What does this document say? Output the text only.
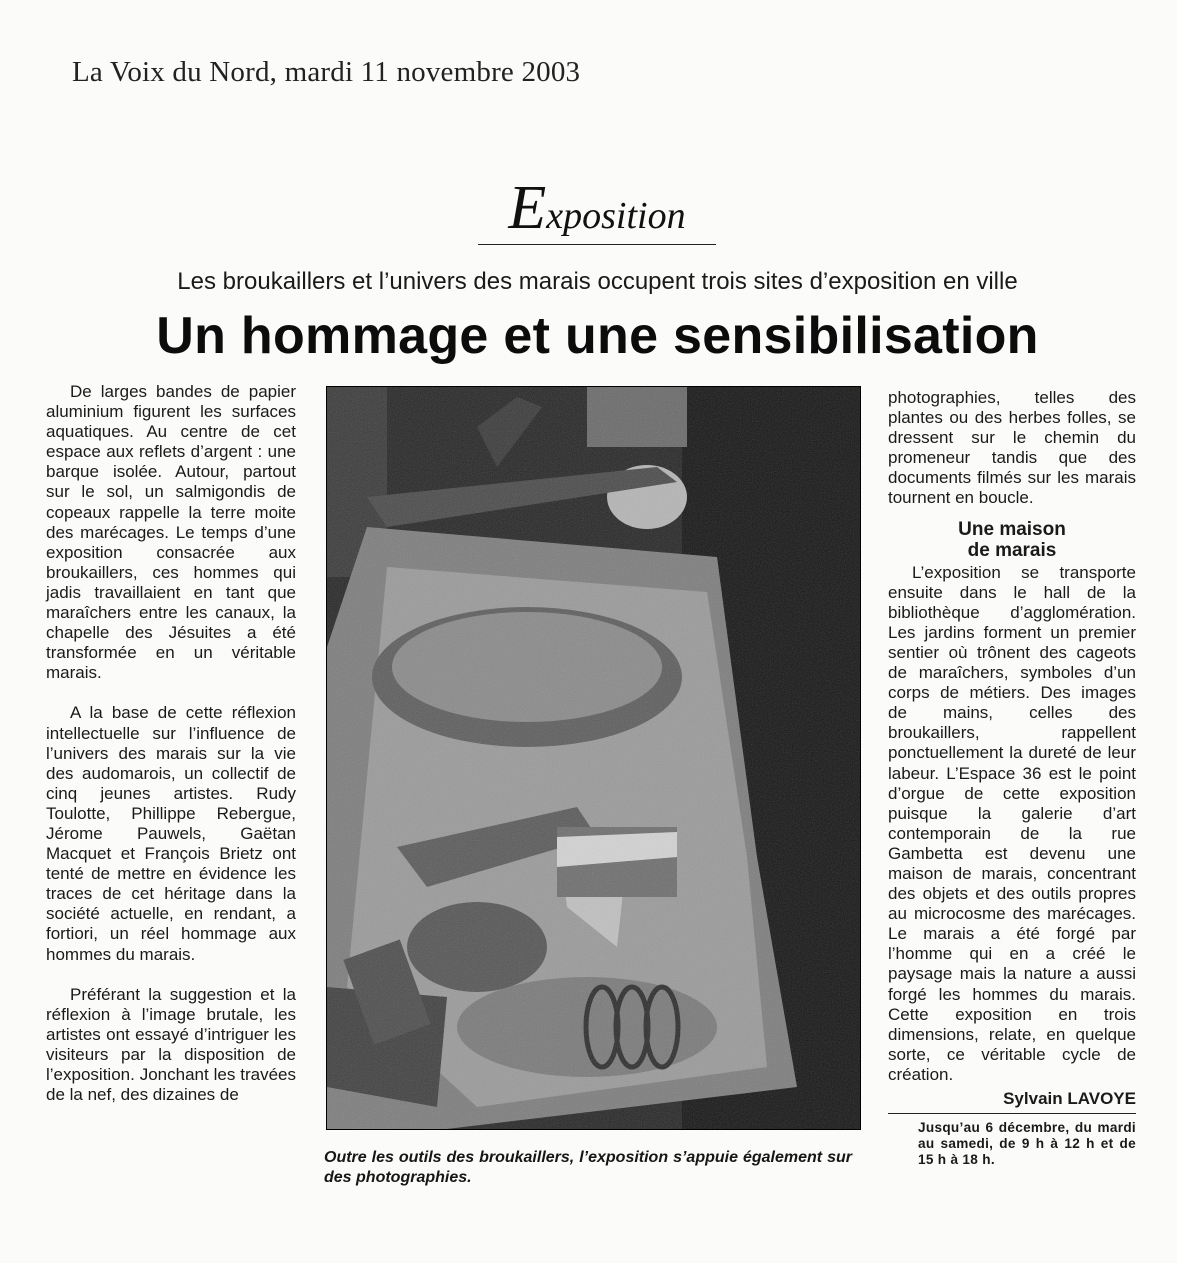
La Voix du Nord, mardi 11 novembre 2003
Exposition
Les broukaillers et l’univers des marais occupent trois sites d’exposition en ville
Un hommage et une sensibilisation

De larges bandes de papier aluminium figurent les surfaces aquatiques. Au centre de cet espace aux reflets d’argent : une barque isolée. Autour, partout sur le sol, un salmigondis de copeaux rappelle la terre moite des marécages. Le temps d’une exposition consacrée aux broukaillers, ces hommes qui jadis travaillaient en tant que maraîchers entre les canaux, la chapelle des Jésuites a été transformée en un véritable marais.

A la base de cette réflexion intellectuelle sur l’influence de l’univers des marais sur la vie des audomarois, un collectif de cinq jeunes artistes. Rudy Toulotte, Phillippe Rebergue, Jérome Pauwels, Gaëtan Macquet et François Brietz ont tenté de mettre en évidence les traces de cet héritage dans la société actuelle, en rendant, a fortiori, un réel hommage aux hommes du marais.

Préférant la suggestion et la réflexion à l’image brutale, les artistes ont essayé d’intriguer les visiteurs par la disposition de l’exposition. Jonchant les travées de la nef, des dizaines de

Outre les outils des broukaillers, l’exposition s’appuie également sur des photographies.

photographies, telles des plantes ou des herbes folles, se dressent sur le chemin du promeneur tandis que des documents filmés sur les marais tournent en boucle.

Une maison
de marais

L’exposition se transporte ensuite dans le hall de la bibliothèque d’agglomération. Les jardins forment un premier sentier où trônent des cageots de maraîchers, symboles d’un corps de métiers. Des images de mains, celles des broukaillers, rappellent ponctuellement la dureté de leur labeur. L’Espace 36 est le point d’orgue de cette exposition puisque la galerie d’art contemporain de la rue Gambetta est devenu une maison de marais, concentrant des objets et des outils propres au microcosme des marécages. Le marais a été forgé par l’homme qui en a créé le paysage mais la nature a aussi forgé les hommes du marais. Cette exposition en trois dimensions, relate, en quelque sorte, ce véritable cycle de création.

Sylvain LAVOYE
Jusqu’au 6 décembre, du mardi au samedi, de 9 h à 12 h et de 15 h à 18 h.
